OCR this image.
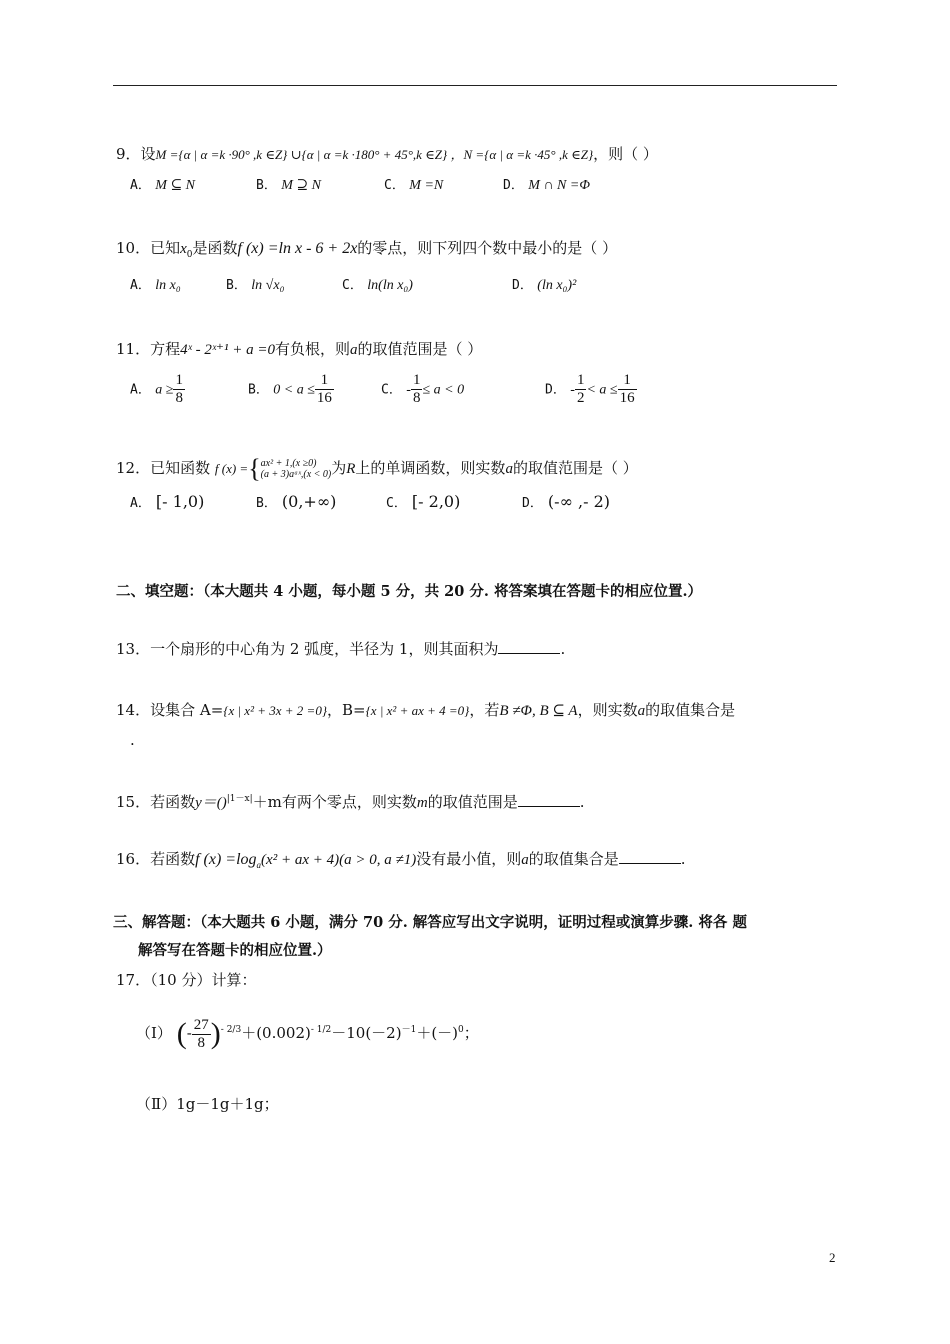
9．设M ={α | α =k ·90° ,k ∈Z} ∪{α | α =k ·180° + 45°,k ∈Z} ，N ={α | α =k ·45° ,k ∈Z}，则（ ）
A． M ⊆ N	B． M ⊇ N	C． M =N	D． M ∩ N =Φ
10．已知$x_0$是函数f (x) =ln x - 6 + 2x的零点，则下列四个数中最小的是（ ）
A． ln x₀	B． ln √x₀	C． ln(ln x₀)	D． (ln x₀)²
11．方程4ˣ - 2ˣ⁺¹ + a =0有负根，则a的取值范围是（ ）
A． $a \ge \frac{1}{8}$	B． $0 < a \le \frac{1}{16}$	C． - $\frac{1}{8} \le a < 0$	D． - $\frac{1}{2} < a \le \frac{1}{16}$
12．已知函数 f (x) ={ ax² + 1,(x ≥0)
(a + 3)aᵃˣ,(x < 0) 为R上的单调函数，则实数a的取值范围是（ ）
A． [- 1,0)	B． (0,+∞)	C． [- 2,0)	D． (-∞ ,- 2)
二、填空题：（本大题共 4 小题，每小题 5 分，共 20 分. 将答案填在答题卡的相应位置.）
13．一个扇形的中心角为 2 弧度，半径为 1，则其面积为	.
14．设集合 A={x | x² + 3x + 2 =0}，B={x | x² + ax + 4 =0}，若B ≠Φ, B ⊆ A，则实数a的取值集合是
.
15．若函数y＝()$^{|1-x|}$＋m有两个零点，则实数m的取值范围是	.
16．若函数f $(x) =\log_a(x^2$ + ax + 4)(a > 0, a ≠1)没有最小值，则a的取值集合是	.
三、解答题：（本大题共 6 小题，满分 70 分. 解答应写出文字说明，证明过程或演算步骤. 将各 题
解答写在答题卡的相应位置.）
17．（10 分）计算：
（Ⅰ） (- $\frac{27}{8} )^{- 2/3}+(0.002)^{- 1/2}-10(-2)^{-1}+(-)^0$；
（Ⅱ）1g－1g＋1g；
2
